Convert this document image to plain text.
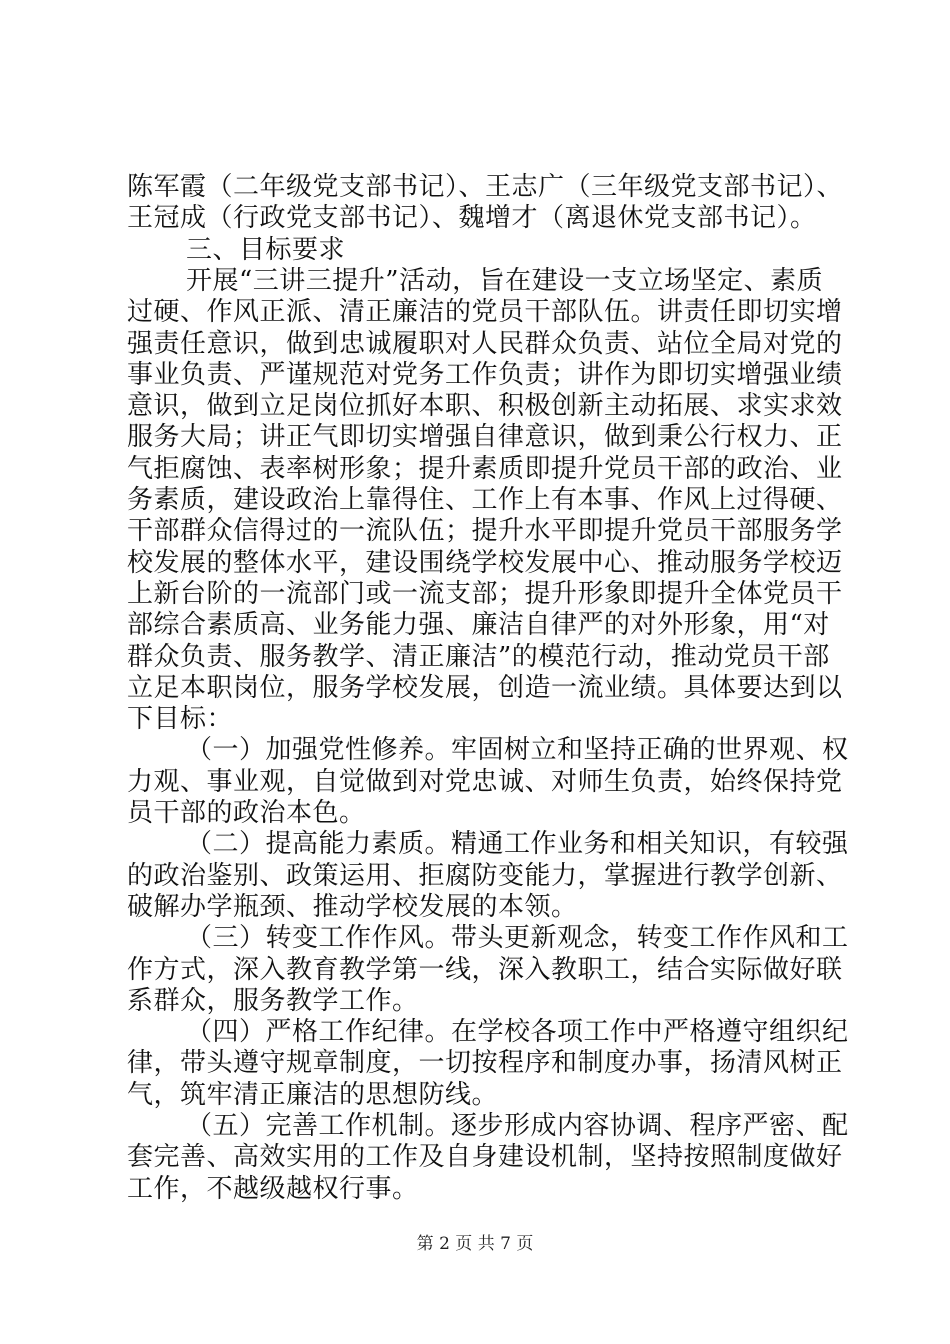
陈军霞（二年级党支部书记）、王志广（三年级党支部书记）、
王冠成（行政党支部书记）、魏增才（离退休党支部书记）。
三、目标要求
开展“三讲三提升”活动，旨在建设一支立场坚定、素质
过硬、作风正派、清正廉洁的党员干部队伍。讲责任即切实增
强责任意识，做到忠诚履职对人民群众负责、站位全局对党的
事业负责、严谨规范对党务工作负责；讲作为即切实增强业绩
意识，做到立足岗位抓好本职、积极创新主动拓展、求实求效
服务大局；讲正气即切实增强自律意识，做到秉公行权力、正
气拒腐蚀、表率树形象；提升素质即提升党员干部的政治、业
务素质，建设政治上靠得住、工作上有本事、作风上过得硬、
干部群众信得过的一流队伍；提升水平即提升党员干部服务学
校发展的整体水平，建设围绕学校发展中心、推动服务学校迈
上新台阶的一流部门或一流支部；提升形象即提升全体党员干
部综合素质高、业务能力强、廉洁自律严的对外形象，用“对
群众负责、服务教学、清正廉洁”的模范行动，推动党员干部
立足本职岗位，服务学校发展，创造一流业绩。具体要达到以
下目标：
（一）加强党性修养。牢固树立和坚持正确的世界观、权
力观、事业观，自觉做到对党忠诚、对师生负责，始终保持党
员干部的政治本色。
（二）提高能力素质。精通工作业务和相关知识，有较强
的政治鉴别、政策运用、拒腐防变能力，掌握进行教学创新、
破解办学瓶颈、推动学校发展的本领。
（三）转变工作作风。带头更新观念，转变工作作风和工
作方式，深入教育教学第一线，深入教职工，结合实际做好联
系群众，服务教学工作。
（四）严格工作纪律。在学校各项工作中严格遵守组织纪
律，带头遵守规章制度，一切按程序和制度办事，扬清风树正
气，筑牢清正廉洁的思想防线。
（五）完善工作机制。逐步形成内容协调、程序严密、配
套完善、高效实用的工作及自身建设机制，坚持按照制度做好
工作，不越级越权行事。
第 2 页 共 7 页
